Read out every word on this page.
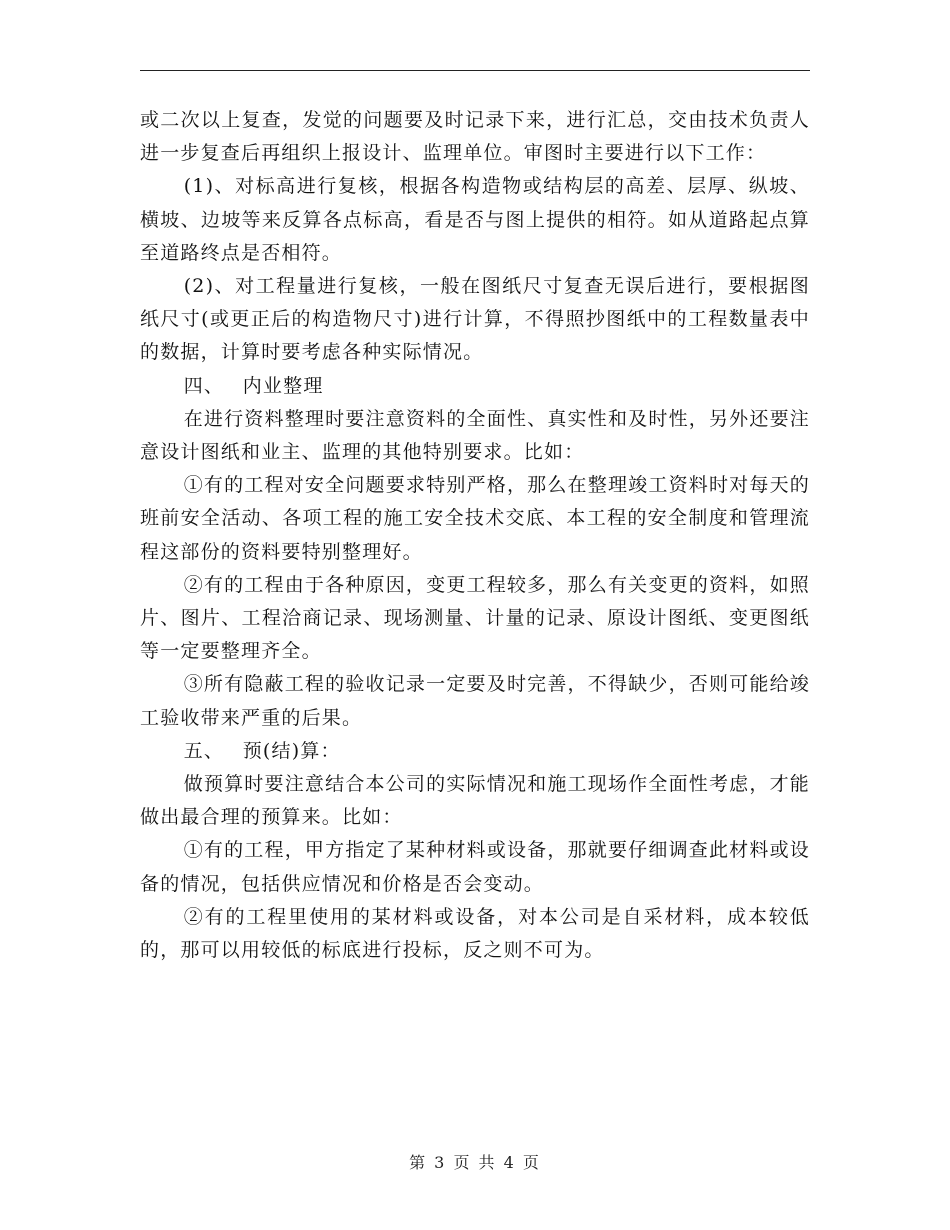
或二次以上复查，发觉的问题要及时记录下来，进行汇总，交由技术负责人进一步复查后再组织上报设计、监理单位。审图时主要进行以下工作：

(1)、对标高进行复核，根据各构造物或结构层的高差、层厚、纵坡、横坡、边坡等来反算各点标高，看是否与图上提供的相符。如从道路起点算至道路终点是否相符。

(2)、对工程量进行复核，一般在图纸尺寸复查无误后进行，要根据图纸尺寸(或更正后的构造物尺寸)进行计算，不得照抄图纸中的工程数量表中的数据，计算时要考虑各种实际情况。

四、 内业整理

在进行资料整理时要注意资料的全面性、真实性和及时性，另外还要注意设计图纸和业主、监理的其他特别要求。比如：

①有的工程对安全问题要求特别严格，那么在整理竣工资料时对每天的班前安全活动、各项工程的施工安全技术交底、本工程的安全制度和管理流程这部份的资料要特别整理好。

②有的工程由于各种原因，变更工程较多，那么有关变更的资料，如照片、图片、工程洽商记录、现场测量、计量的记录、原设计图纸、变更图纸等一定要整理齐全。

③所有隐蔽工程的验收记录一定要及时完善，不得缺少，否则可能给竣工验收带来严重的后果。

五、 预(结)算：

做预算时要注意结合本公司的实际情况和施工现场作全面性考虑，才能做出最合理的预算来。比如：

①有的工程，甲方指定了某种材料或设备，那就要仔细调查此材料或设备的情况，包括供应情况和价格是否会变动。

②有的工程里使用的某材料或设备，对本公司是自采材料，成本较低的，那可以用较低的标底进行投标，反之则不可为。

第 3 页 共 4 页
